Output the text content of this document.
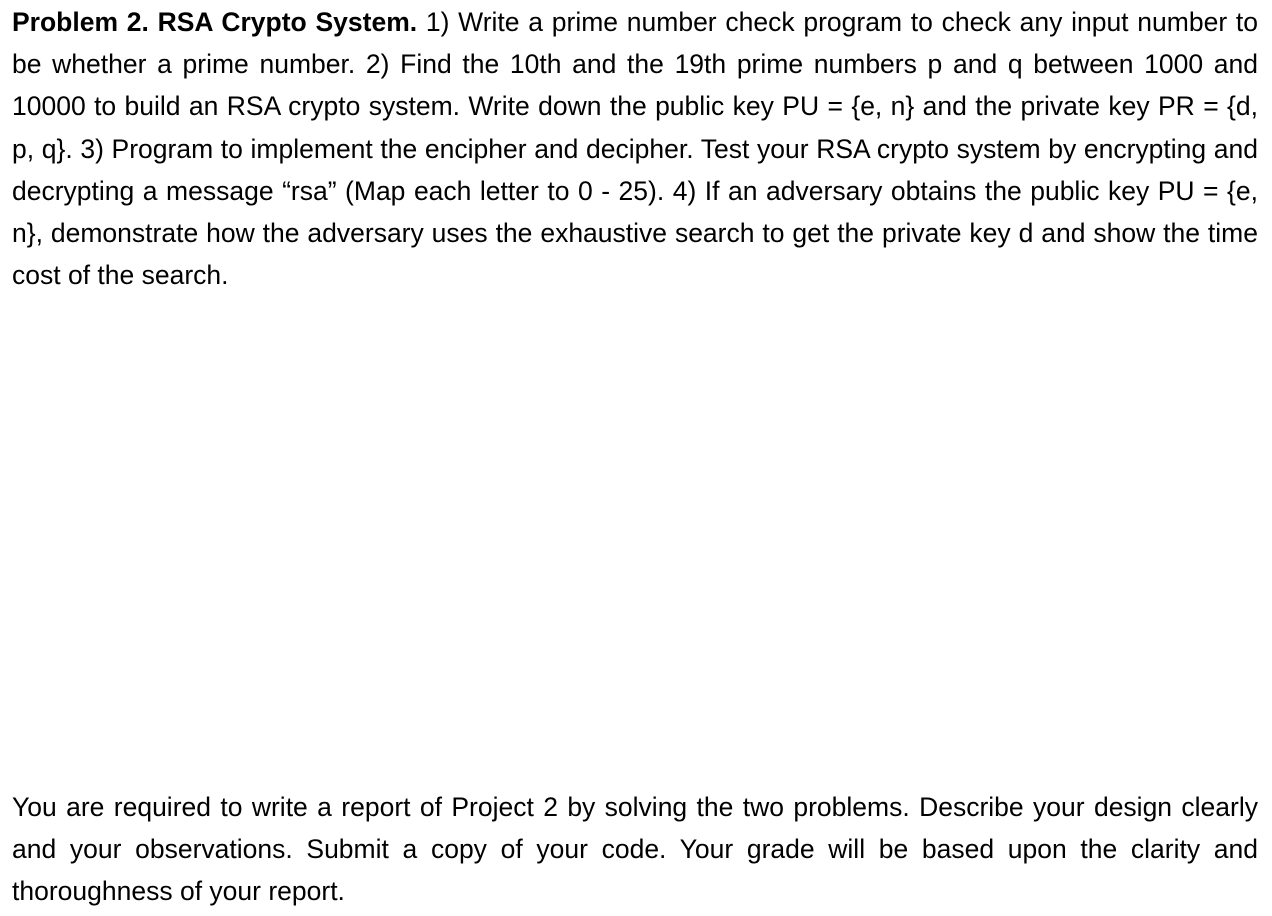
Problem 2. RSA Crypto System. 1) Write a prime number check program to check any input number to be whether a prime number. 2) Find the 10th and the 19th prime numbers p and q between 1000 and 10000 to build an RSA crypto system. Write down the public key PU = {e, n} and the private key PR = {d, p, q}. 3) Program to implement the encipher and decipher. Test your RSA crypto system by encrypting and decrypting a message “rsa” (Map each letter to 0 - 25). 4) If an adversary obtains the public key PU = {e, n}, demonstrate how the adversary uses the exhaustive search to get the private key d and show the time cost of the search.

You are required to write a report of Project 2 by solving the two problems. Describe your design clearly and your observations. Submit a copy of your code. Your grade will be based upon the clarity and thoroughness of your report.
